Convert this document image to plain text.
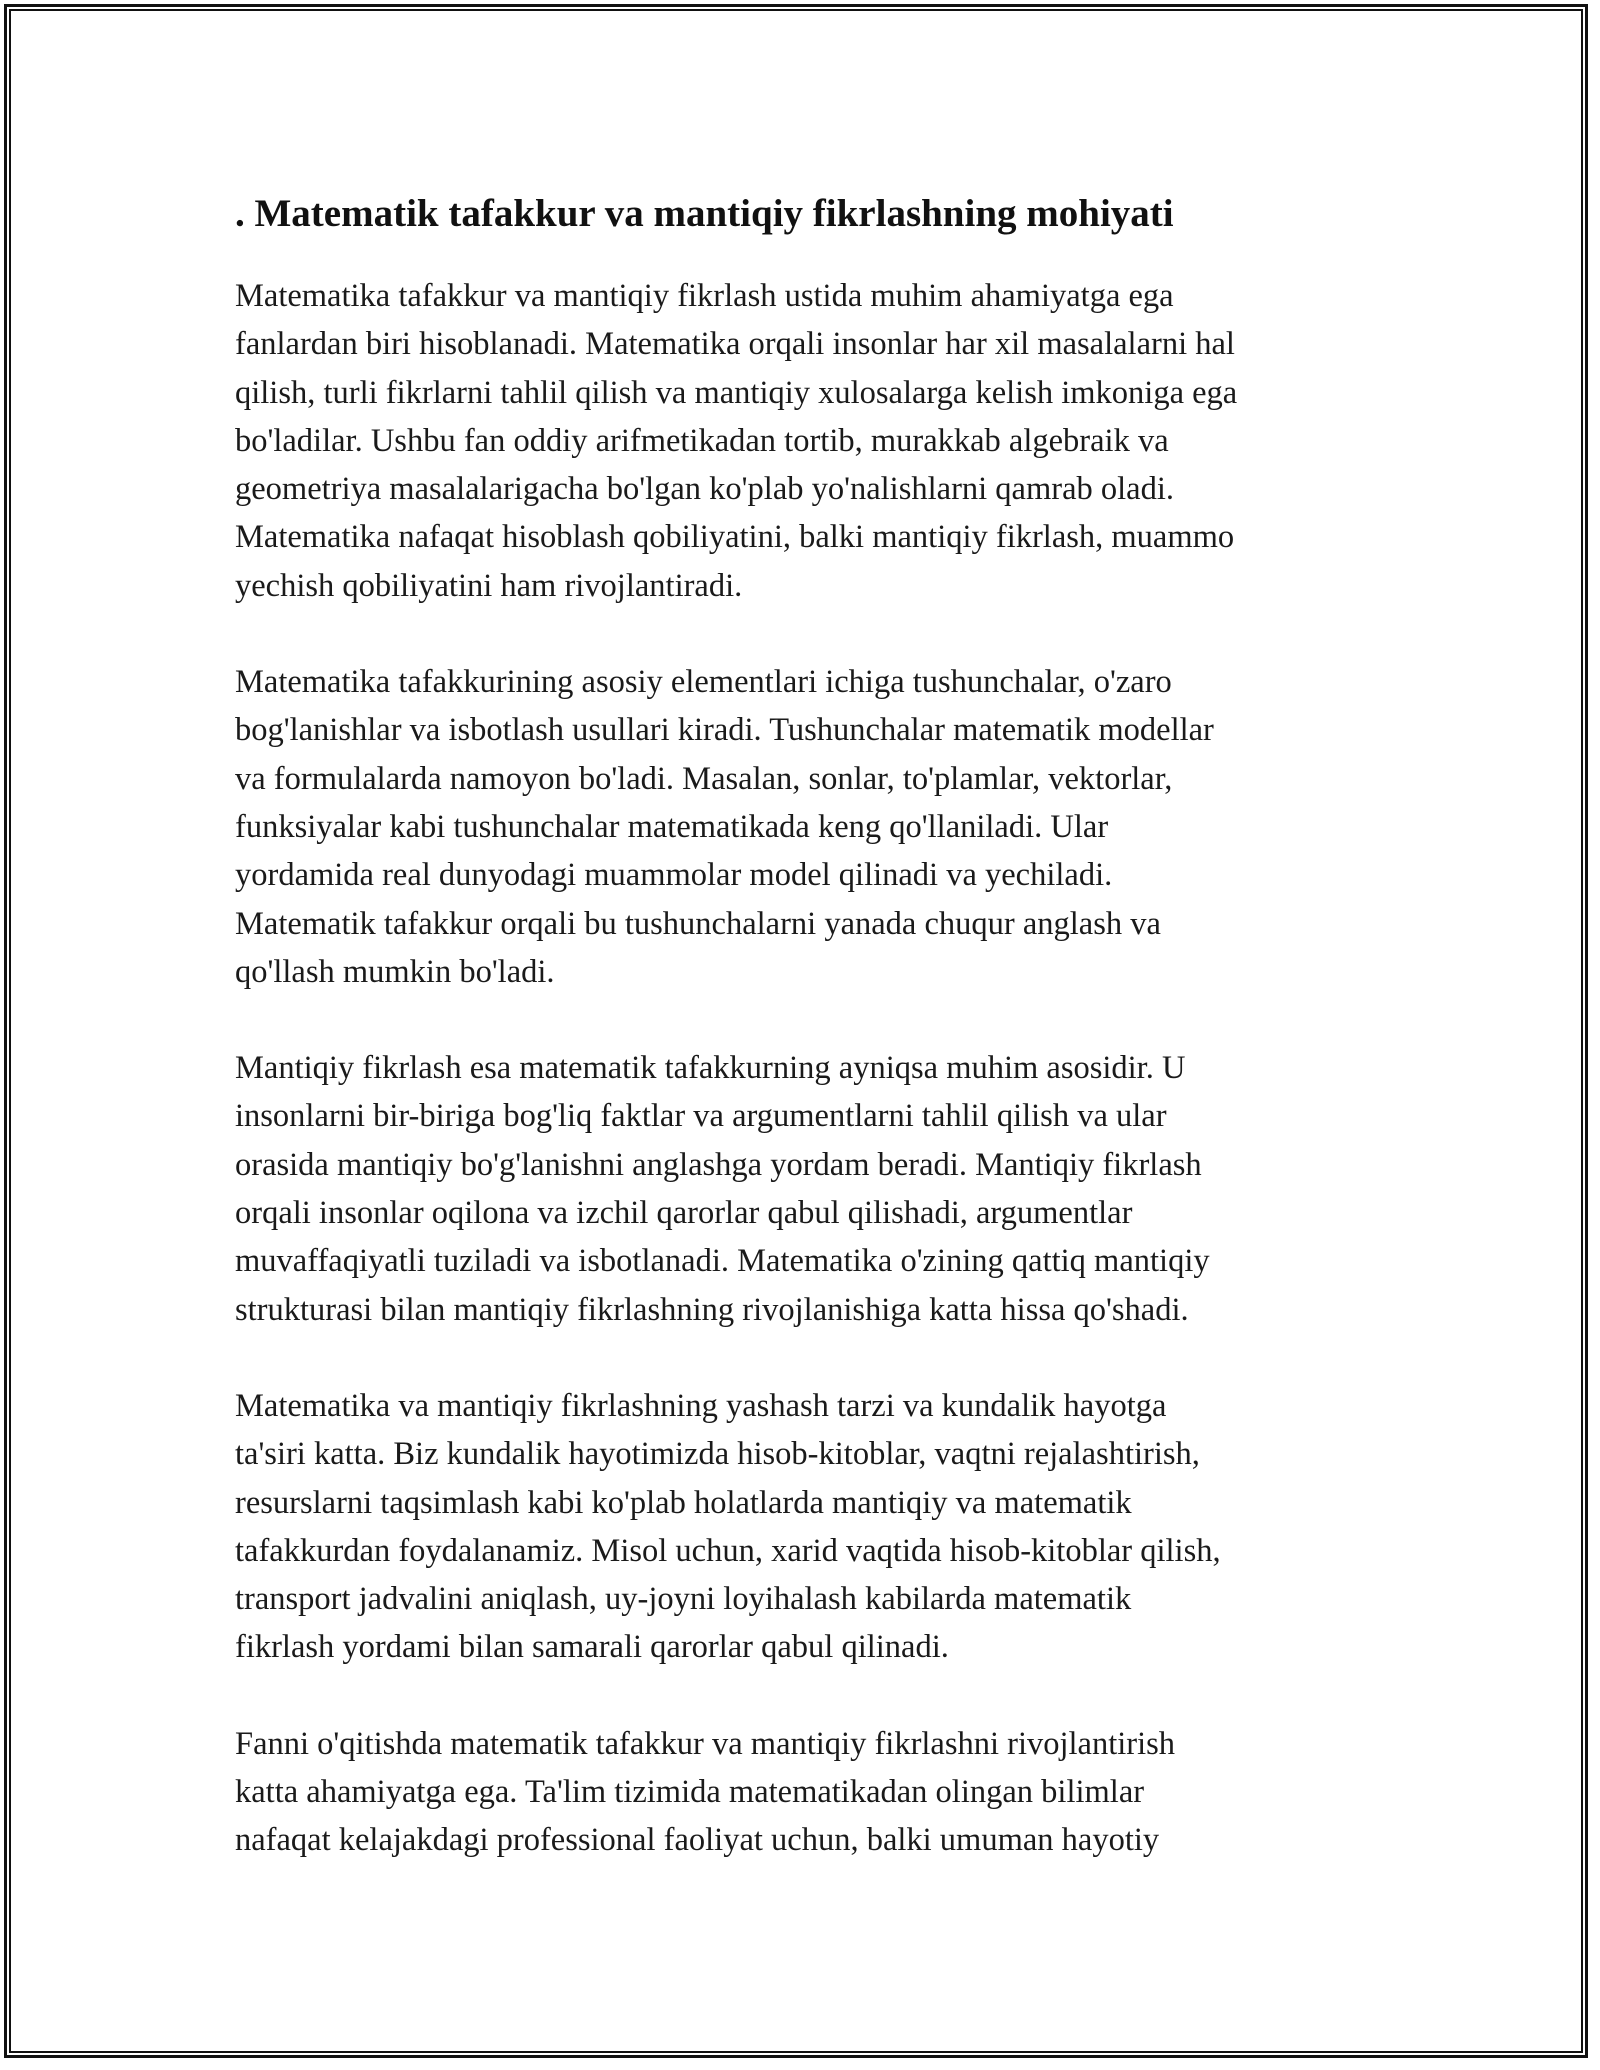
. Matematik tafakkur va mantiqiy fikrlashning mohiyati

Matematika tafakkur va mantiqiy fikrlash ustida muhim ahamiyatga ega
fanlardan biri hisoblanadi. Matematika orqali insonlar har xil masalalarni hal
qilish, turli fikrlarni tahlil qilish va mantiqiy xulosalarga kelish imkoniga ega
bo'ladilar. Ushbu fan oddiy arifmetikadan tortib, murakkab algebraik va
geometriya masalalarigacha bo'lgan ko'plab yo'nalishlarni qamrab oladi.
Matematika nafaqat hisoblash qobiliyatini, balki mantiqiy fikrlash, muammo
yechish qobiliyatini ham rivojlantiradi.

Matematika tafakkurining asosiy elementlari ichiga tushunchalar, o'zaro
bog'lanishlar va isbotlash usullari kiradi. Tushunchalar matematik modellar
va formulalarda namoyon bo'ladi. Masalan, sonlar, to'plamlar, vektorlar,
funksiyalar kabi tushunchalar matematikada keng qo'llaniladi. Ular
yordamida real dunyodagi muammolar model qilinadi va yechiladi.
Matematik tafakkur orqali bu tushunchalarni yanada chuqur anglash va
qo'llash mumkin bo'ladi.

Mantiqiy fikrlash esa matematik tafakkurning ayniqsa muhim asosidir. U
insonlarni bir-biriga bog'liq faktlar va argumentlarni tahlil qilish va ular
orasida mantiqiy bo'g'lanishni anglashga yordam beradi. Mantiqiy fikrlash
orqali insonlar oqilona va izchil qarorlar qabul qilishadi, argumentlar
muvaffaqiyatli tuziladi va isbotlanadi. Matematika o'zining qattiq mantiqiy
strukturasi bilan mantiqiy fikrlashning rivojlanishiga katta hissa qo'shadi.

Matematika va mantiqiy fikrlashning yashash tarzi va kundalik hayotga
ta'siri katta. Biz kundalik hayotimizda hisob-kitoblar, vaqtni rejalashtirish,
resurslarni taqsimlash kabi ko'plab holatlarda mantiqiy va matematik
tafakkurdan foydalanamiz. Misol uchun, xarid vaqtida hisob-kitoblar qilish,
transport jadvalini aniqlash, uy-joyni loyihalash kabilarda matematik
fikrlash yordami bilan samarali qarorlar qabul qilinadi.

Fanni o'qitishda matematik tafakkur va mantiqiy fikrlashni rivojlantirish
katta ahamiyatga ega. Ta'lim tizimida matematikadan olingan bilimlar
nafaqat kelajakdagi professional faoliyat uchun, balki umuman hayotiy
